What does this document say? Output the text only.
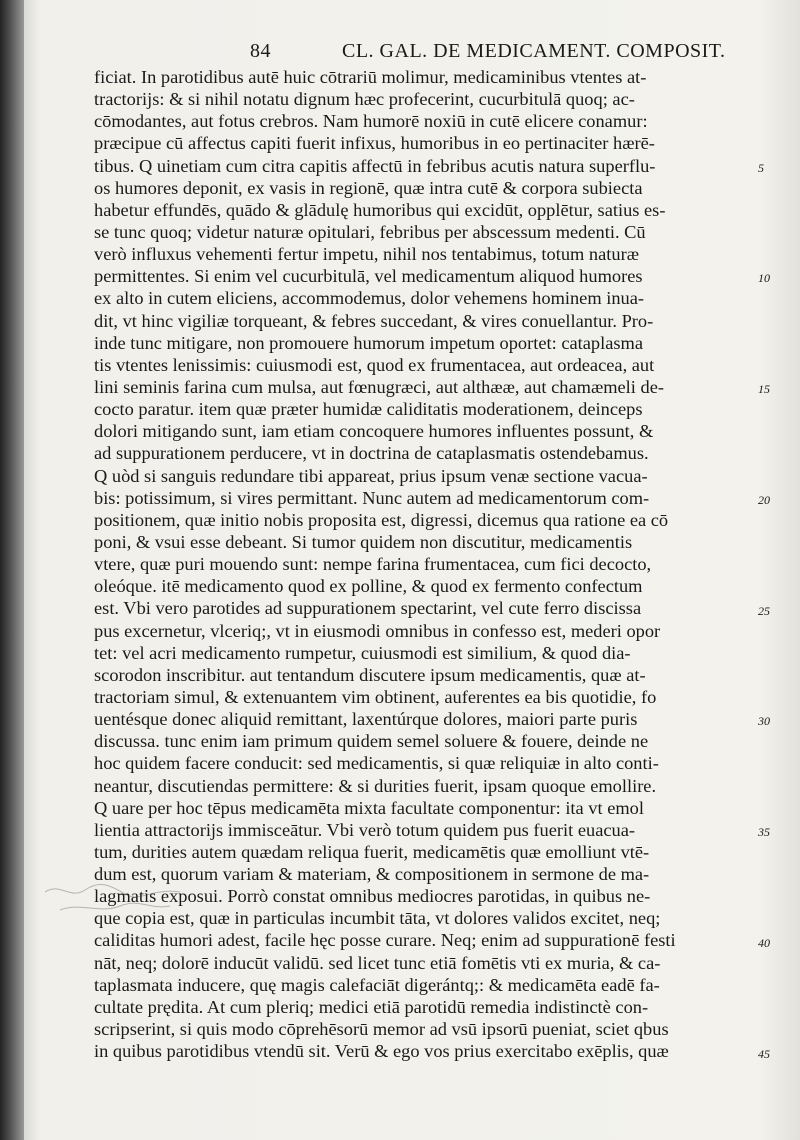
84	CL. GAL. DE MEDICAMENT. COMPOSIT.
ficiat. In parotidibus autē huic cōtrariū molimur, medicaminibus vtentes at-
tractorijs: & si nihil notatu dignum hæc profecerint, cucurbitulā quoq; ac-
cōmodantes, aut fotus crebros. Nam humorē noxiū in cutē elicere conamur:
præcipue cū affectus capiti fuerit infixus, humoribus in eo pertinaciter hærē-
tibus. Q uinetiam cum citra capitis affectū in febribus acutis natura superflu-
os humores deponit, ex vasis in regionē, quæ intra cutē & corpora subiecta
habetur effundēs, quādo & glādulę humoribus qui excidūt, opplētur, satius es-
se tunc quoq; videtur naturæ opitulari, febribus per abscessum medenti. Cū
verò influxus vehementi fertur impetu, nihil nos tentabimus, totum naturæ
permittentes. Si enim vel cucurbitulā, vel medicamentum aliquod humores
ex alto in cutem eliciens, accommodemus, dolor vehemens hominem inua-
dit, vt hinc vigiliæ torqueant, & febres succedant, & vires conuellantur. Pro-
inde tunc mitigare, non promouere humorum impetum oportet: cataplasma
tis vtentes lenissimis: cuiusmodi est, quod ex frumentacea, aut ordeacea, aut
lini seminis farina cum mulsa, aut fœnugræci, aut althææ, aut chamæmeli de-
cocto paratur. item quæ præter humidæ caliditatis moderationem, deinceps
dolori mitigando sunt, iam etiam concoquere humores influentes possunt, &
ad suppurationem perducere, vt in doctrina de cataplasmatis ostendebamus.
Q uòd si sanguis redundare tibi appareat, prius ipsum venæ sectione vacua-
bis: potissimum, si vires permittant. Nunc autem ad medicamentorum com-
positionem, quæ initio nobis proposita est, digressi, dicemus qua ratione ea cō
poni, & vsui esse debeant. Si tumor quidem non discutitur, medicamentis
vtere, quæ puri mouendo sunt: nempe farina frumentacea, cum fici decocto,
oleóque. itē medicamento quod ex polline, & quod ex fermento confectum
est. Vbi vero parotides ad suppurationem spectarint, vel cute ferro discissa
pus excernetur, vlceriq;, vt in eiusmodi omnibus in confesso est, mederi opor
tet: vel acri medicamento rumpetur, cuiusmodi est similium, & quod dia-
scorodon inscribitur. aut tentandum discutere ipsum medicamentis, quæ at-
tractoriam simul, & extenuantem vim obtinent, auferentes ea bis quotidie, fo
uentésque donec aliquid remittant, laxentúrque dolores, maiori parte puris
discussa. tunc enim iam primum quidem semel soluere & fouere, deinde ne
hoc quidem facere conducit: sed medicamentis, si quæ reliquiæ in alto conti-
neantur, discutiendas permittere: & si durities fuerit, ipsam quoque emollire.
Q uare per hoc tēpus medicamēta mixta facultate componentur: ita vt emol
lientia attractorijs immisceātur. Vbi verò totum quidem pus fuerit euacua-
tum, durities autem quædam reliqua fuerit, medicamētis quæ emolliunt vtē-
dum est, quorum variam & materiam, & compositionem in sermone de ma-
lagmatis exposui. Porrò constat omnibus mediocres parotidas, in quibus ne-
que copia est, quæ in particulas incumbit tāta, vt dolores validos excitet, neq;
caliditas humori adest, facile hęc posse curare. Neq; enim ad suppurationē festi
nāt, neq; dolorē inducūt validū. sed licet tunc etiā fomētis vti ex muria, & ca-
taplasmata inducere, quę magis calefaciāt digerántq;: & medicamēta eadē fa-
cultate prędita. At cum pleriq; medici etiā parotidū remedia indistinctè con-
scripserint, si quis modo cōprehēsorū memor ad vsū ipsorū pueniat, sciet qbus
in quibus parotidibus vtendū sit. Verū & ego vos prius exercitabo exēplis, quæ
5
10
15
20
25
30
35
40
45
